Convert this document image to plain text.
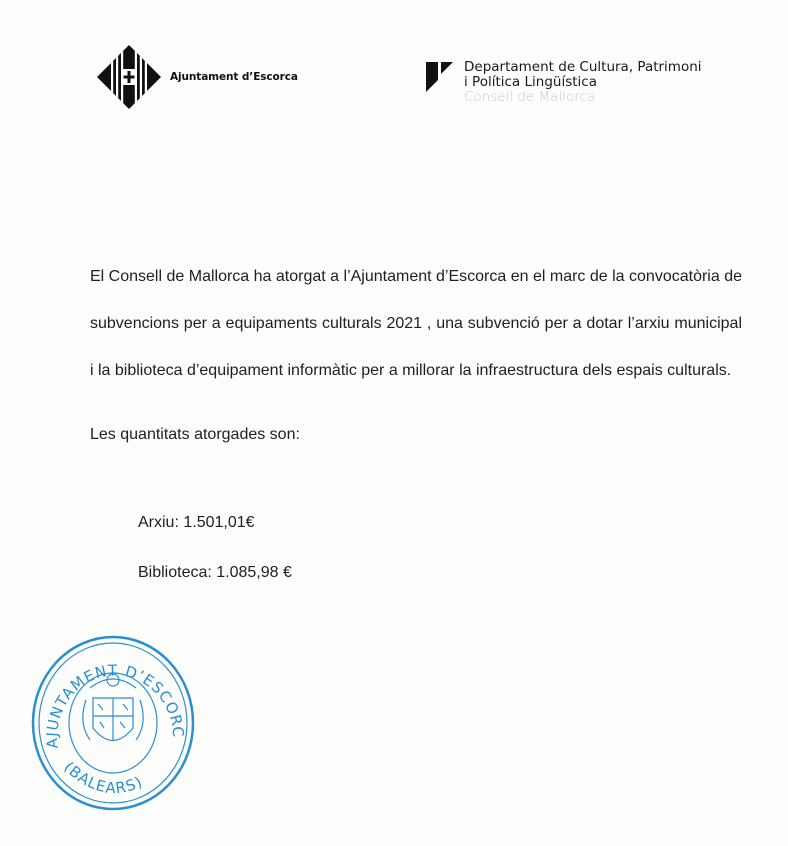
Ajuntament d’Escorca
Departament de Cultura, Patrimoni
i Política Lingüística
Consell de Mallorca

El Consell de Mallorca ha atorgat a l’Ajuntament d’Escorca en el marc de la convocatòria de subvencions per a equipaments culturals 2021 , una subvenció per a dotar l’arxiu municipal i la biblioteca d’equipament informàtic per a millorar la infraestructura dels espais culturals.

Les quantitats atorgades son:
Arxiu: 1.501,01€
Biblioteca: 1.085,98 €
AJUNTAMENT D’ESCORC
(BALEARS)
